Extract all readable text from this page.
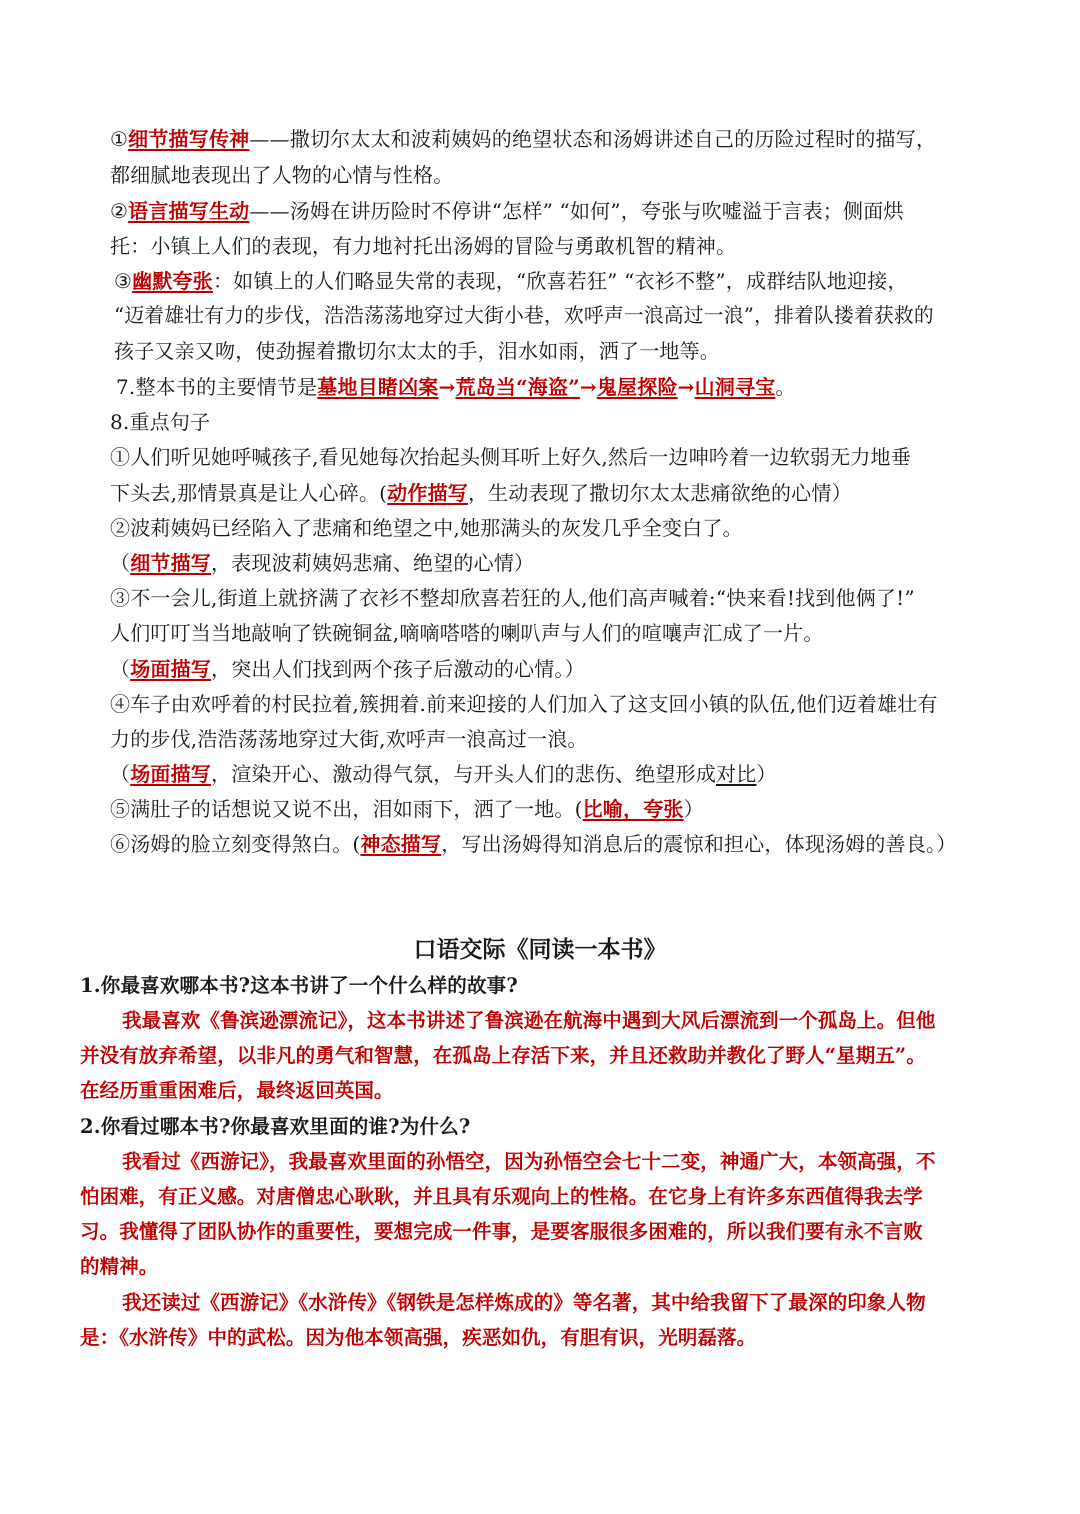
①细节描写传神——撒切尔太太和波莉姨妈的绝望状态和汤姆讲述自己的历险过程时的描写，
都细腻地表现出了人物的心情与性格。
②语言描写生动——汤姆在讲历险时不停讲“怎样” “如何”，夸张与吹嘘溢于言表；侧面烘
托：小镇上人们的表现，有力地衬托出汤姆的冒险与勇敢机智的精神。
③幽默夸张：如镇上的人们略显失常的表现，“欣喜若狂” “衣衫不整”，成群结队地迎接，
“迈着雄壮有力的步伐，浩浩荡荡地穿过大街小巷，欢呼声一浪高过一浪”，排着队搂着获救的
孩子又亲又吻，使劲握着撒切尔太太的手，泪水如雨，洒了一地等。
7.整本书的主要情节是墓地目睹凶案→荒岛当“海盗”→鬼屋探险→山洞寻宝。
8.重点句子
①人们听见她呼喊孩子,看见她每次抬起头侧耳听上好久,然后一边呻吟着一边软弱无力地垂
下头去,那情景真是让人心碎。(动作描写，生动表现了撒切尔太太悲痛欲绝的心情）
②波莉姨妈已经陷入了悲痛和绝望之中,她那满头的灰发几乎全变白了。
（细节描写，表现波莉姨妈悲痛、绝望的心情）
③不一会儿,街道上就挤满了衣衫不整却欣喜若狂的人,他们高声喊着:“快来看!找到他俩了!”
人们叮叮当当地敲响了铁碗铜盆,嘀嘀嗒嗒的喇叭声与人们的喧嚷声汇成了一片。
（场面描写，突出人们找到两个孩子后激动的心情。）
④车子由欢呼着的村民拉着,簇拥着.前来迎接的人们加入了这支回小镇的队伍,他们迈着雄壮有
力的步伐,浩浩荡荡地穿过大街,欢呼声一浪高过一浪。
（场面描写，渲染开心、激动得气氛，与开头人们的悲伤、绝望形成对比）
⑤满肚子的话想说又说不出，泪如雨下，洒了一地。(比喻，夸张）
⑥汤姆的脸立刻变得煞白。(神态描写，写出汤姆得知消息后的震惊和担心，体现汤姆的善良。）
口语交际《同读一本书》
1.你最喜欢哪本书?这本书讲了一个什么样的故事?
我最喜欢《鲁滨逊漂流记》，这本书讲述了鲁滨逊在航海中遇到大风后漂流到一个孤岛上。但他
并没有放弃希望，以非凡的勇气和智慧，在孤岛上存活下来，并且还救助并教化了野人“星期五”。
在经历重重困难后，最终返回英国。
2.你看过哪本书?你最喜欢里面的谁?为什么?
我看过《西游记》，我最喜欢里面的孙悟空，因为孙悟空会七十二变，神通广大，本领高强，不
怕困难，有正义感。对唐僧忠心耿耿，并且具有乐观向上的性格。在它身上有许多东西值得我去学
习。我懂得了团队协作的重要性，要想完成一件事，是要客服很多困难的，所以我们要有永不言败
的精神。
我还读过《西游记》《水浒传》《钢铁是怎样炼成的》等名著，其中给我留下了最深的印象人物
是：《水浒传》中的武松。因为他本领高强，疾恶如仇，有胆有识，光明磊落。
